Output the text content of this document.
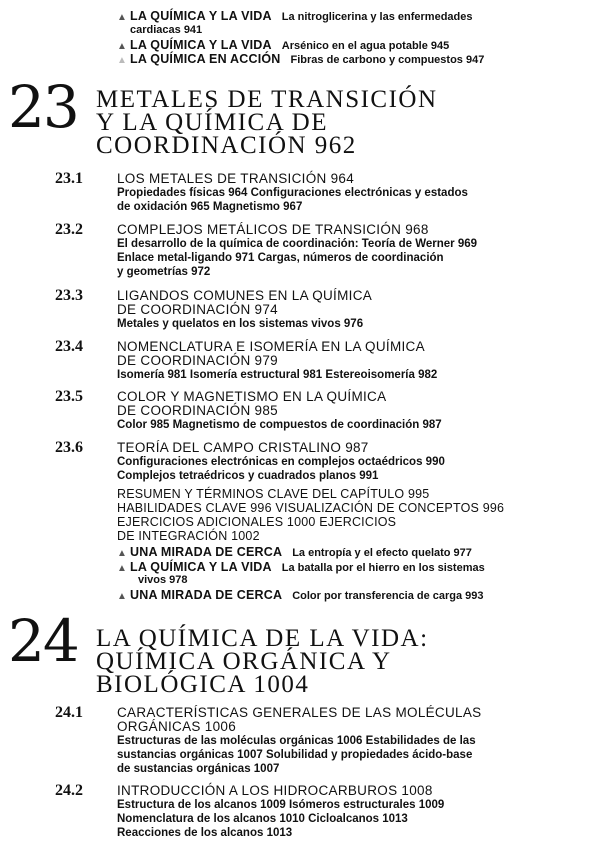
▲ LA QUÍMICA Y LA VIDA La nitroglicerina y las enfermedades
cardiacas 941
▲ LA QUÍMICA Y LA VIDA Arsénico en el agua potable 945
▲ LA QUÍMICA EN ACCIÓN Fibras de carbono y compuestos 947
23 METALES DE TRANSICIÓN
Y LA QUÍMICA DE
COORDINACIÓN 962
23.1	LOS METALES DE TRANSICIÓN 964
Propiedades físicas 964 Configuraciones electrónicas y estados
de oxidación 965 Magnetismo 967
23.2	COMPLEJOS METÁLICOS DE TRANSICIÓN 968
El desarrollo de la química de coordinación: Teoría de Werner 969
Enlace metal-ligando 971 Cargas, números de coordinación
y geometrías 972
23.3	LIGANDOS COMUNES EN LA QUÍMICA
DE COORDINACIÓN 974
Metales y quelatos en los sistemas vivos 976
23.4	NOMENCLATURA E ISOMERÍA EN LA QUÍMICA
DE COORDINACIÓN 979
Isomería 981 Isomería estructural 981 Estereoisomería 982
23.5	COLOR Y MAGNETISMO EN LA QUÍMICA
DE COORDINACIÓN 985
Color 985 Magnetismo de compuestos de coordinación 987
23.6	TEORÍA DEL CAMPO CRISTALINO 987
Configuraciones electrónicas en complejos octaédricos 990
Complejos tetraédricos y cuadrados planos 991
RESUMEN Y TÉRMINOS CLAVE DEL CAPÍTULO 995
HABILIDADES CLAVE 996 VISUALIZACIÓN DE CONCEPTOS 996
EJERCICIOS ADICIONALES 1000 EJERCICIOS
DE INTEGRACIÓN 1002
▲ UNA MIRADA DE CERCA La entropía y el efecto quelato 977
▲ LA QUÍMICA Y LA VIDA La batalla por el hierro en los sistemas
vivos 978
▲ UNA MIRADA DE CERCA Color por transferencia de carga 993
24 LA QUÍMICA DE LA VIDA:
QUÍMICA ORGÁNICA Y
BIOLÓGICA 1004
24.1	CARACTERÍSTICAS GENERALES DE LAS MOLÉCULAS
ORGÁNICAS 1006
Estructuras de las moléculas orgánicas 1006 Estabilidades de las
sustancias orgánicas 1007 Solubilidad y propiedades ácido-base
de sustancias orgánicas 1007
24.2	INTRODUCCIÓN A LOS HIDROCARBUROS 1008
Estructura de los alcanos 1009 Isómeros estructurales 1009
Nomenclatura de los alcanos 1010 Cicloalcanos 1013
Reacciones de los alcanos 1013
